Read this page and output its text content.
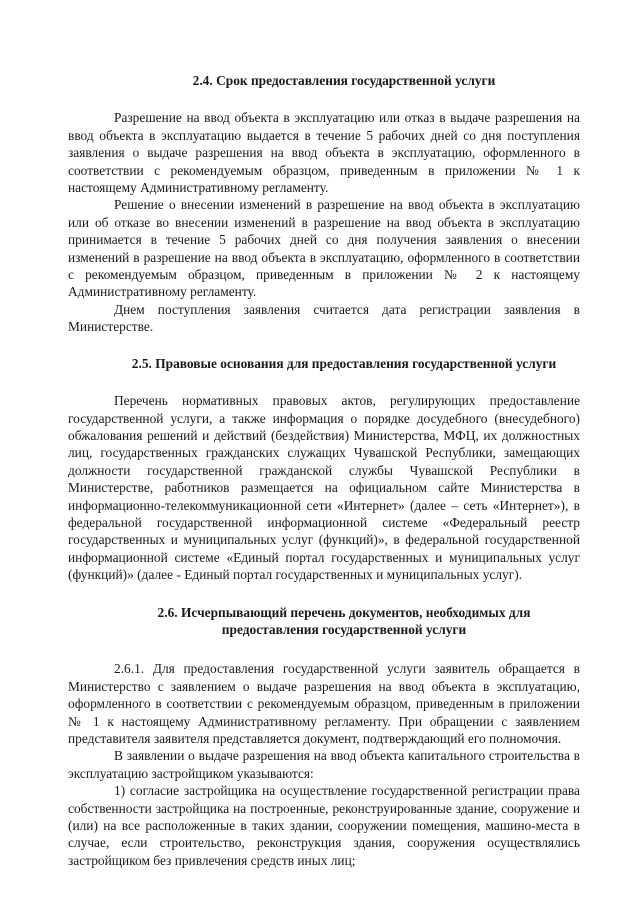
2.4. Срок предоставления государственной услуги

Разрешение на ввод объекта в эксплуатацию или отказ в выдаче разрешения на ввод объекта в эксплуатацию выдается в течение 5 рабочих дней со дня поступления заявления о выдаче разрешения на ввод объекта в эксплуатацию, оформленного в соответствии с рекомендуемым образцом, приведенным в приложении № 1 к настоящему Административному регламенту.

Решение о внесении изменений в разрешение на ввод объекта в эксплуатацию или об отказе во внесении изменений в разрешение на ввод объекта в эксплуатацию принимается в течение 5 рабочих дней со дня получения заявления о внесении изменений в разрешение на ввод объекта в эксплуатацию, оформленного в соответствии с рекомендуемым образцом, приведенным в приложении № 2 к настоящему Административному регламенту.

Днем поступления заявления считается дата регистрации заявления в Министерстве.

2.5. Правовые основания для предоставления государственной услуги

Перечень нормативных правовых актов, регулирующих предоставление государственной услуги, а также информация о порядке досудебного (внесудебного) обжалования решений и действий (бездействия) Министерства, МФЦ, их должностных лиц, государственных гражданских служащих Чувашской Республики, замещающих должности государственной гражданской службы Чувашской Республики в Министерстве, работников размещается на официальном сайте Министерства в информационно-телекоммуникационной сети «Интернет» (далее – сеть «Интернет»), в федеральной государственной информационной системе «Федеральный реестр государственных и муниципальных услуг (функций)», в федеральной государственной информационной системе «Единый портал государственных и муниципальных услуг (функций)» (далее - Единый портал государственных и муниципальных услуг).

2.6. Исчерпывающий перечень документов, необходимых для
предоставления государственной услуги

2.6.1. Для предоставления государственной услуги заявитель обращается в Министерство с заявлением о выдаче разрешения на ввод объекта в эксплуатацию, оформленного в соответствии с рекомендуемым образцом, приведенным в приложении № 1 к настоящему Административному регламенту. При обращении с заявлением представителя заявителя представляется документ, подтверждающий его полномочия.

В заявлении о выдаче разрешения на ввод объекта капитального строительства в эксплуатацию застройщиком указываются:

1) согласие застройщика на осуществление государственной регистрации права собственности застройщика на построенные, реконструированные здание, сооружение и (или) на все расположенные в таких здании, сооружении помещения, машино-места в случае, если строительство, реконструкция здания, сооружения осуществлялись застройщиком без привлечения средств иных лиц;
